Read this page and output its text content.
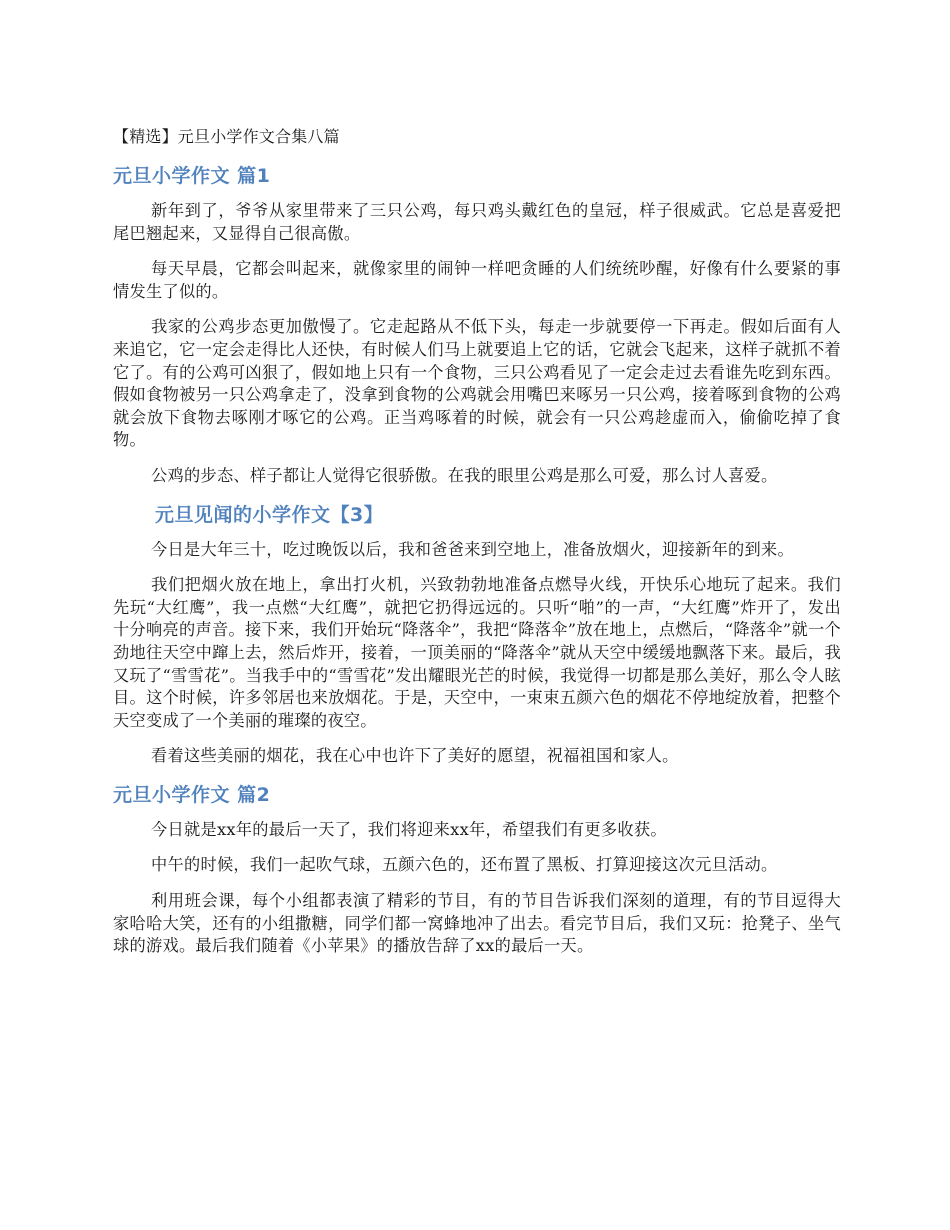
【精选】元旦小学作文合集八篇
元旦小学作文 篇1

新年到了，爷爷从家里带来了三只公鸡，每只鸡头戴红色的皇冠，样子很威武。它总是喜爱把尾巴翘起来，又显得自己很高傲。

每天早晨，它都会叫起来，就像家里的闹钟一样吧贪睡的人们统统吵醒，好像有什么要紧的事情发生了似的。

我家的公鸡步态更加傲慢了。它走起路从不低下头，每走一步就要停一下再走。假如后面有人来追它，它一定会走得比人还快，有时候人们马上就要追上它的话，它就会飞起来，这样子就抓不着它了。有的公鸡可凶狠了，假如地上只有一个食物，三只公鸡看见了一定会走过去看谁先吃到东西。假如食物被另一只公鸡拿走了，没拿到食物的公鸡就会用嘴巴来啄另一只公鸡，接着啄到食物的公鸡就会放下食物去啄刚才啄它的公鸡。正当鸡啄着的时候，就会有一只公鸡趁虚而入，偷偷吃掉了食物。

公鸡的步态、样子都让人觉得它很骄傲。在我的眼里公鸡是那么可爱，那么讨人喜爱。

元旦见闻的小学作文【3】

今日是大年三十，吃过晚饭以后，我和爸爸来到空地上，准备放烟火，迎接新年的到来。

我们把烟火放在地上，拿出打火机，兴致勃勃地准备点燃导火线，开快乐心地玩了起来。我们先玩“大红鹰”，我一点燃“大红鹰”，就把它扔得远远的。只听“啪”的一声，“大红鹰”炸开了，发出十分响亮的声音。接下来，我们开始玩“降落伞”，我把“降落伞”放在地上，点燃后，“降落伞”就一个劲地往天空中蹿上去，然后炸开，接着，一顶美丽的“降落伞”就从天空中缓缓地飘落下来。最后，我又玩了“雪雪花”。当我手中的“雪雪花”发出耀眼光芒的时候，我觉得一切都是那么美好，那么令人眩目。这个时候，许多邻居也来放烟花。于是，天空中，一束束五颜六色的烟花不停地绽放着，把整个天空变成了一个美丽的璀璨的夜空。

看着这些美丽的烟花，我在心中也许下了美好的愿望，祝福祖国和家人。

元旦小学作文 篇2

今日就是xx年的最后一天了，我们将迎来xx年，希望我们有更多收获。

中午的时候，我们一起吹气球，五颜六色的，还布置了黑板、打算迎接这次元旦活动。

利用班会课，每个小组都表演了精彩的节目，有的节目告诉我们深刻的道理，有的节目逗得大家哈哈大笑，还有的小组撒糖，同学们都一窝蜂地冲了出去。看完节目后，我们又玩：抢凳子、坐气球的游戏。最后我们随着《小苹果》的播放告辞了xx的最后一天。
